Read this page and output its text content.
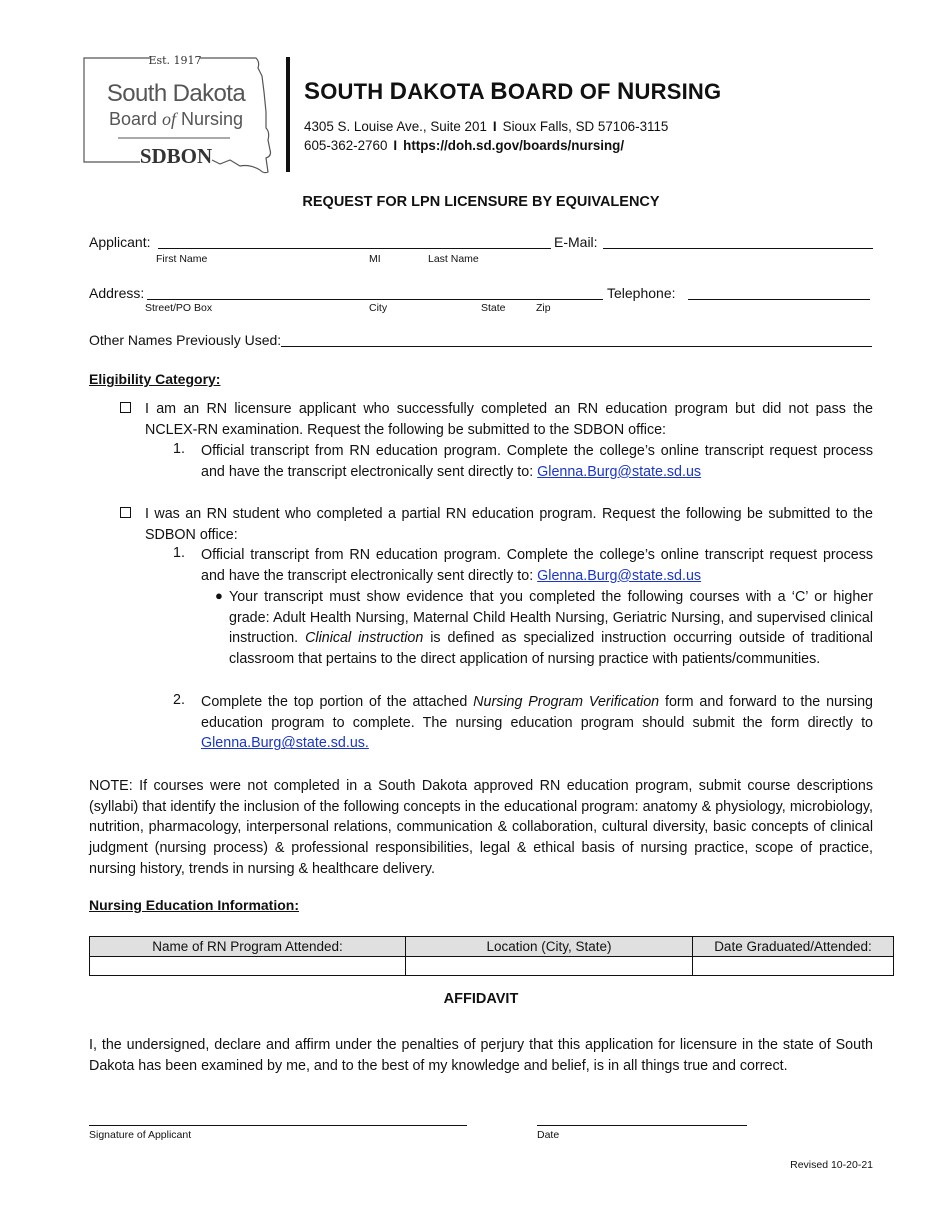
Est. 1917
South Dakota
Board of Nursing
SDBON
SOUTH DAKOTA BOARD OF NURSING
4305 S. Louise Ave., Suite 201 I Sioux Falls, SD 57106-3115
605-362-2760 I https://doh.sd.gov/boards/nursing/
REQUEST FOR LPN LICENSURE BY EQUIVALENCY
Applicant:	E-Mail:
First Name	MI	Last Name
Address:	Telephone:
Street/PO Box	City	State	Zip
Other Names Previously Used:
Eligibility Category:
I am an RN licensure applicant who successfully completed an RN education program but did not pass the NCLEX-RN examination. Request the following be submitted to the SDBON office:
1. Official transcript from RN education program. Complete the college’s online transcript request process and have the transcript electronically sent directly to: Glenna.Burg@state.sd.us
I was an RN student who completed a partial RN education program. Request the following be submitted to the SDBON office:
1. Official transcript from RN education program. Complete the college’s online transcript request process and have the transcript electronically sent directly to: Glenna.Burg@state.sd.us
● Your transcript must show evidence that you completed the following courses with a ‘C’ or higher grade: Adult Health Nursing, Maternal Child Health Nursing, Geriatric Nursing, and supervised clinical instruction. Clinical instruction is defined as specialized instruction occurring outside of traditional classroom that pertains to the direct application of nursing practice with patients/communities.
2. Complete the top portion of the attached Nursing Program Verification form and forward to the nursing education program to complete. The nursing education program should submit the form directly to Glenna.Burg@state.sd.us.
NOTE: If courses were not completed in a South Dakota approved RN education program, submit course descriptions (syllabi) that identify the inclusion of the following concepts in the educational program: anatomy & physiology, microbiology, nutrition, pharmacology, interpersonal relations, communication & collaboration, cultural diversity, basic concepts of clinical judgment (nursing process) & professional responsibilities, legal & ethical basis of nursing practice, scope of practice, nursing history, trends in nursing & healthcare delivery.
Nursing Education Information:
Name of RN Program Attended:	Location (City, State)	Date Graduated/Attended:

AFFIDAVIT
I, the undersigned, declare and affirm under the penalties of perjury that this application for licensure in the state of South Dakota has been examined by me, and to the best of my knowledge and belief, is in all things true and correct.
Signature of Applicant	Date
Revised 10-20-21
